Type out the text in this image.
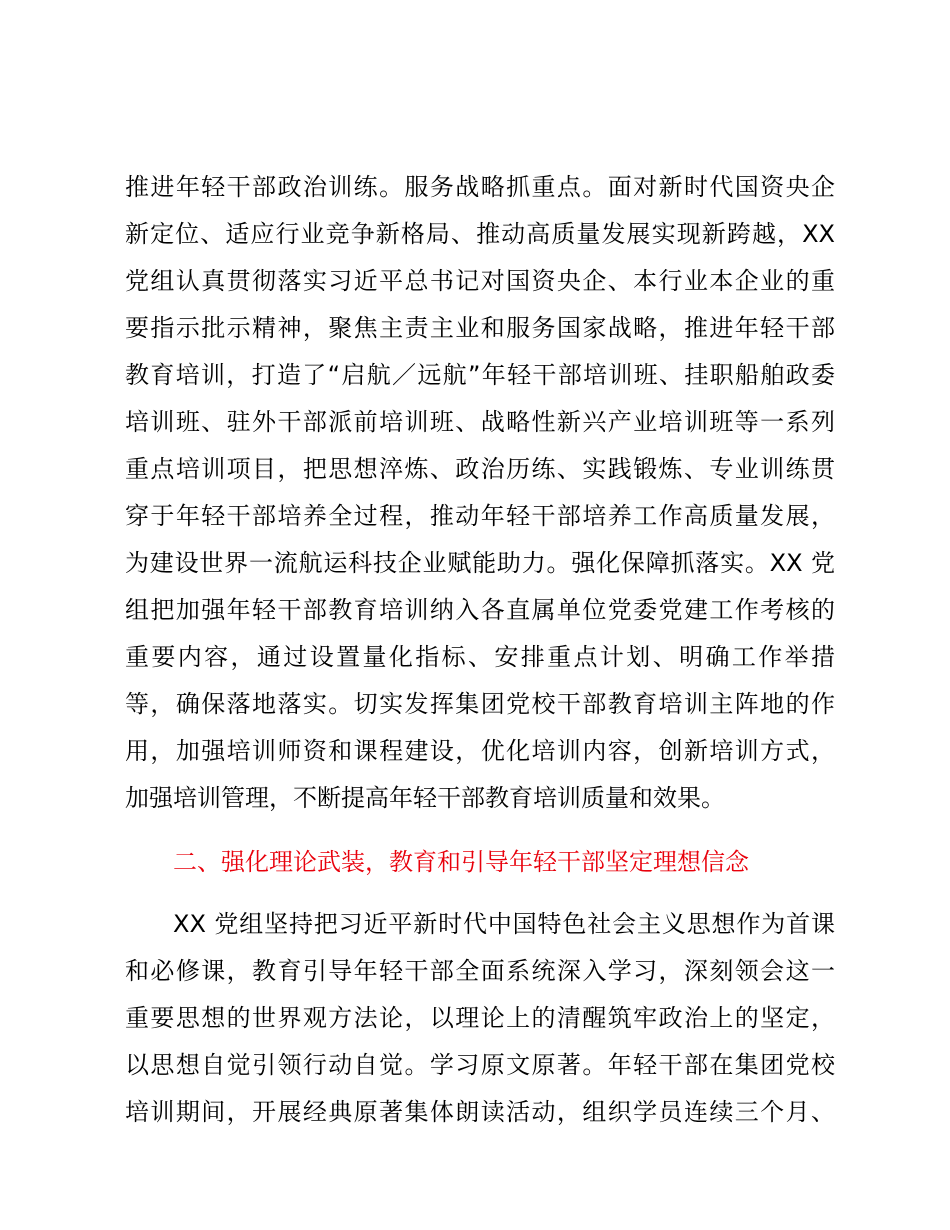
推进年轻干部政治训练。服务战略抓重点。面对新时代国资央企
新定位、适应行业竞争新格局、推动高质量发展实现新跨越，XX
党组认真贯彻落实习近平总书记对国资央企、本行业本企业的重
要指示批示精神，聚焦主责主业和服务国家战略，推进年轻干部
教育培训，打造了“启航／远航”年轻干部培训班、挂职船舶政委
培训班、驻外干部派前培训班、战略性新兴产业培训班等一系列
重点培训项目，把思想淬炼、政治历练、实践锻炼、专业训练贯
穿于年轻干部培养全过程，推动年轻干部培养工作高质量发展，
为建设世界一流航运科技企业赋能助力。强化保障抓落实。XX 党
组把加强年轻干部教育培训纳入各直属单位党委党建工作考核的
重要内容，通过设置量化指标、安排重点计划、明确工作举措
等，确保落地落实。切实发挥集团党校干部教育培训主阵地的作
用，加强培训师资和课程建设，优化培训内容，创新培训方式，
加强培训管理，不断提高年轻干部教育培训质量和效果。
二、强化理论武装，教育和引导年轻干部坚定理想信念
XX 党组坚持把习近平新时代中国特色社会主义思想作为首课
和必修课，教育引导年轻干部全面系统深入学习，深刻领会这一
重要思想的世界观方法论，以理论上的清醒筑牢政治上的坚定，
以思想自觉引领行动自觉。学习原文原著。年轻干部在集团党校
培训期间，开展经典原著集体朗读活动，组织学员连续三个月、
